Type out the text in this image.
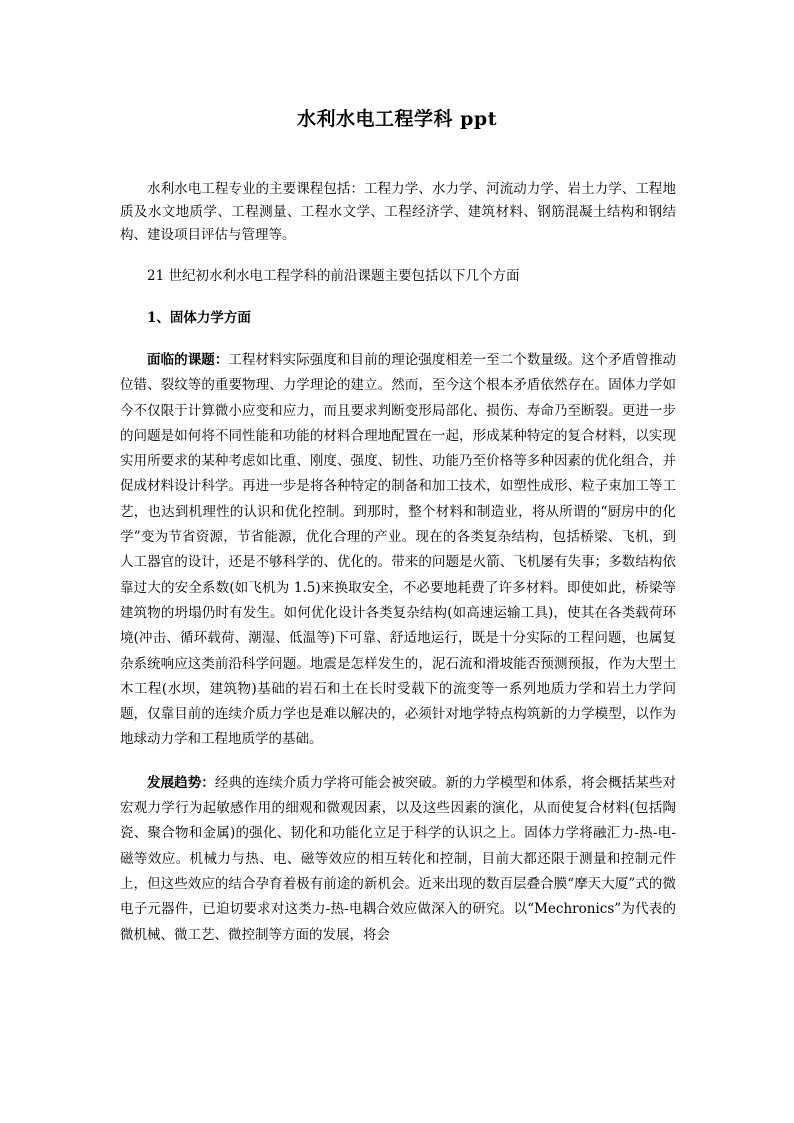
水利水电工程学科 ppt

水利水电工程专业的主要课程包括：工程力学、水力学、河流动力学、岩土力学、工程地质及水文地质学、工程测量、工程水文学、工程经济学、建筑材料、钢筋混凝土结构和钢结构、建设项目评估与管理等。

21 世纪初水利水电工程学科的前沿课题主要包括以下几个方面

1、固体力学方面

面临的课题：工程材料实际强度和目前的理论强度相差一至二个数量级。这个矛盾曾推动位错、裂纹等的重要物理、力学理论的建立。然而，至今这个根本矛盾依然存在。固体力学如今不仅限于计算微小应变和应力，而且要求判断变形局部化、损伤、寿命乃至断裂。更进一步的问题是如何将不同性能和功能的材料合理地配置在一起，形成某种特定的复合材料，以实现实用所要求的某种考虑如比重、刚度、强度、韧性、功能乃至价格等多种因素的优化组合，并促成材料设计科学。再进一步是将各种特定的制备和加工技术，如塑性成形、粒子束加工等工艺，也达到机理性的认识和优化控制。到那时，整个材料和制造业，将从所谓的“厨房中的化学”变为节省资源，节省能源，优化合理的产业。现在的各类复杂结构，包括桥梁、飞机，到人工器官的设计，还是不够科学的、优化的。带来的问题是火箭、飞机屡有失事；多数结构依靠过大的安全系数(如飞机为 1.5)来换取安全，不必要地耗费了许多材料。即使如此，桥梁等建筑物的坍塌仍时有发生。如何优化设计各类复杂结构(如高速运输工具)，使其在各类载荷环境(冲击、循环载荷、潮湿、低温等)下可靠、舒适地运行，既是十分实际的工程问题，也属复杂系统响应这类前沿科学问题。地震是怎样发生的，泥石流和滑坡能否预测预报，作为大型土木工程(水坝，建筑物)基础的岩石和土在长时受载下的流变等一系列地质力学和岩土力学问题，仅靠目前的连续介质力学也是难以解决的，必须针对地学特点构筑新的力学模型，以作为地球动力学和工程地质学的基础。

发展趋势：经典的连续介质力学将可能会被突破。新的力学模型和体系，将会概括某些对宏观力学行为起敏感作用的细观和微观因素，以及这些因素的演化，从而使复合材料(包括陶瓷、聚合物和金属)的强化、韧化和功能化立足于科学的认识之上。固体力学将融汇力-热-电-磁等效应。机械力与热、电、磁等效应的相互转化和控制，目前大都还限于测量和控制元件上，但这些效应的结合孕育着极有前途的新机会。近来出现的数百层叠合膜“摩天大厦”式的微电子元器件，已迫切要求对这类力-热-电耦合效应做深入的研究。以“Mechronics”为代表的微机械、微工艺、微控制等方面的发展，将会
